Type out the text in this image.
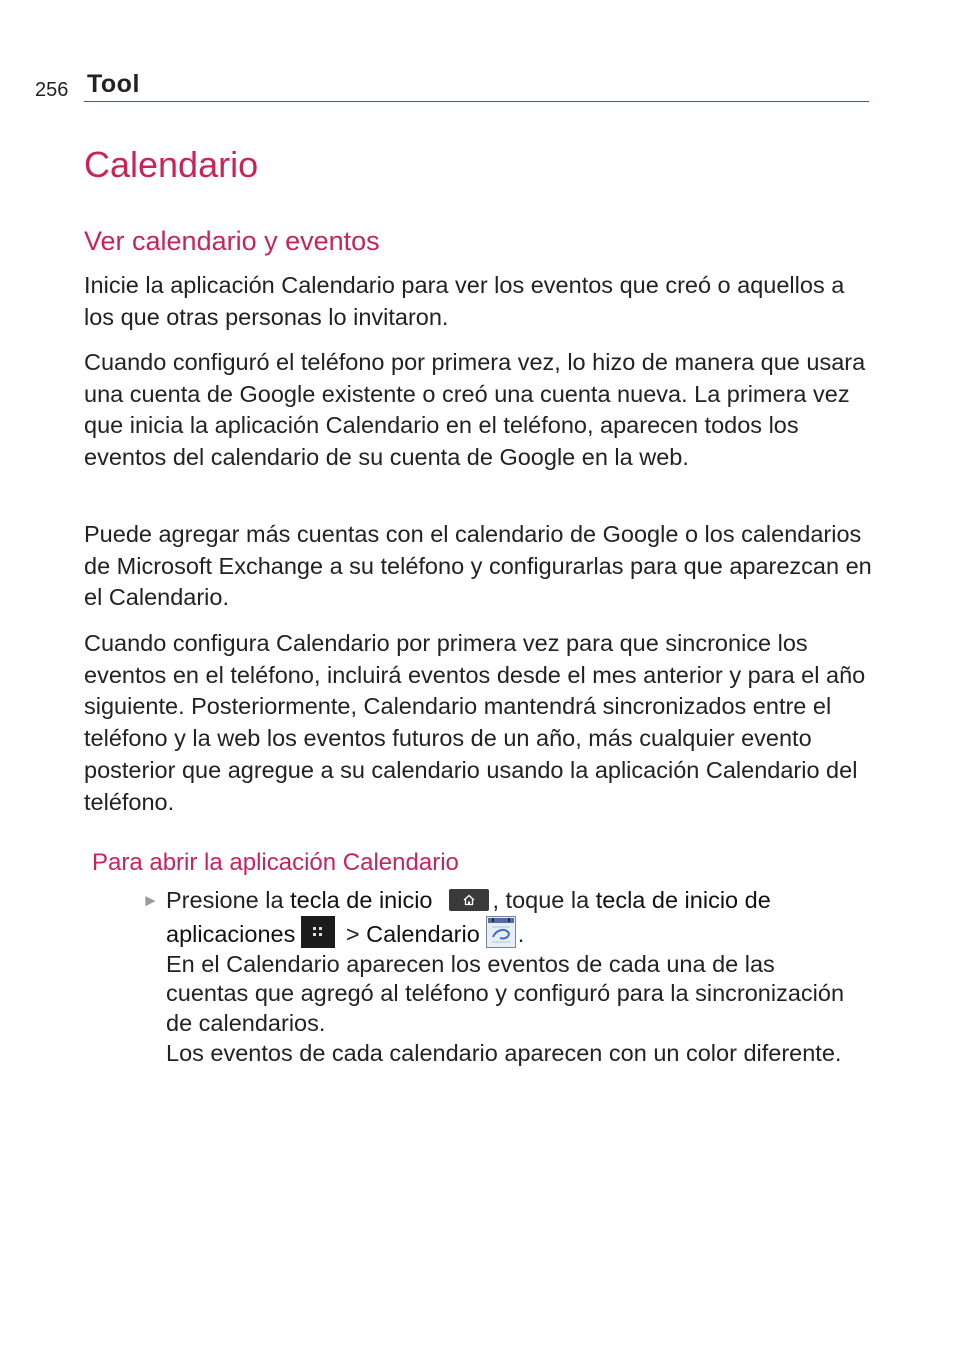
256 Tool
Calendario
Ver calendario y eventos

Inicie la aplicación Calendario para ver los eventos que creó o aquellos a los que otras personas lo invitaron.

Cuando configuró el teléfono por primera vez, lo hizo de manera que usara una cuenta de Google existente o creó una cuenta nueva. La primera vez que inicia la aplicación Calendario en el teléfono, aparecen todos los eventos del calendario de su cuenta de Google en la web.

Puede agregar más cuentas con el calendario de Google o los calendarios de Microsoft Exchange a su teléfono y configurarlas para que aparezcan en el Calendario.

Cuando configura Calendario por primera vez para que sincronice los eventos en el teléfono, incluirá eventos desde el mes anterior y para el año siguiente. Posteriormente, Calendario mantendrá sincronizados entre el teléfono y la web los eventos futuros de un año, más cualquier evento posterior que agregue a su calendario usando la aplicación Calendario del teléfono.

Para abrir la aplicación Calendario
► Presione la tecla de inicio	, toque la tecla de inicio de aplicaciones
> Calendario .
En el Calendario aparecen los eventos de cada una de las cuentas que agregó al teléfono y configuró para la sincronización de calendarios.
Los eventos de cada calendario aparecen con un color diferente.
